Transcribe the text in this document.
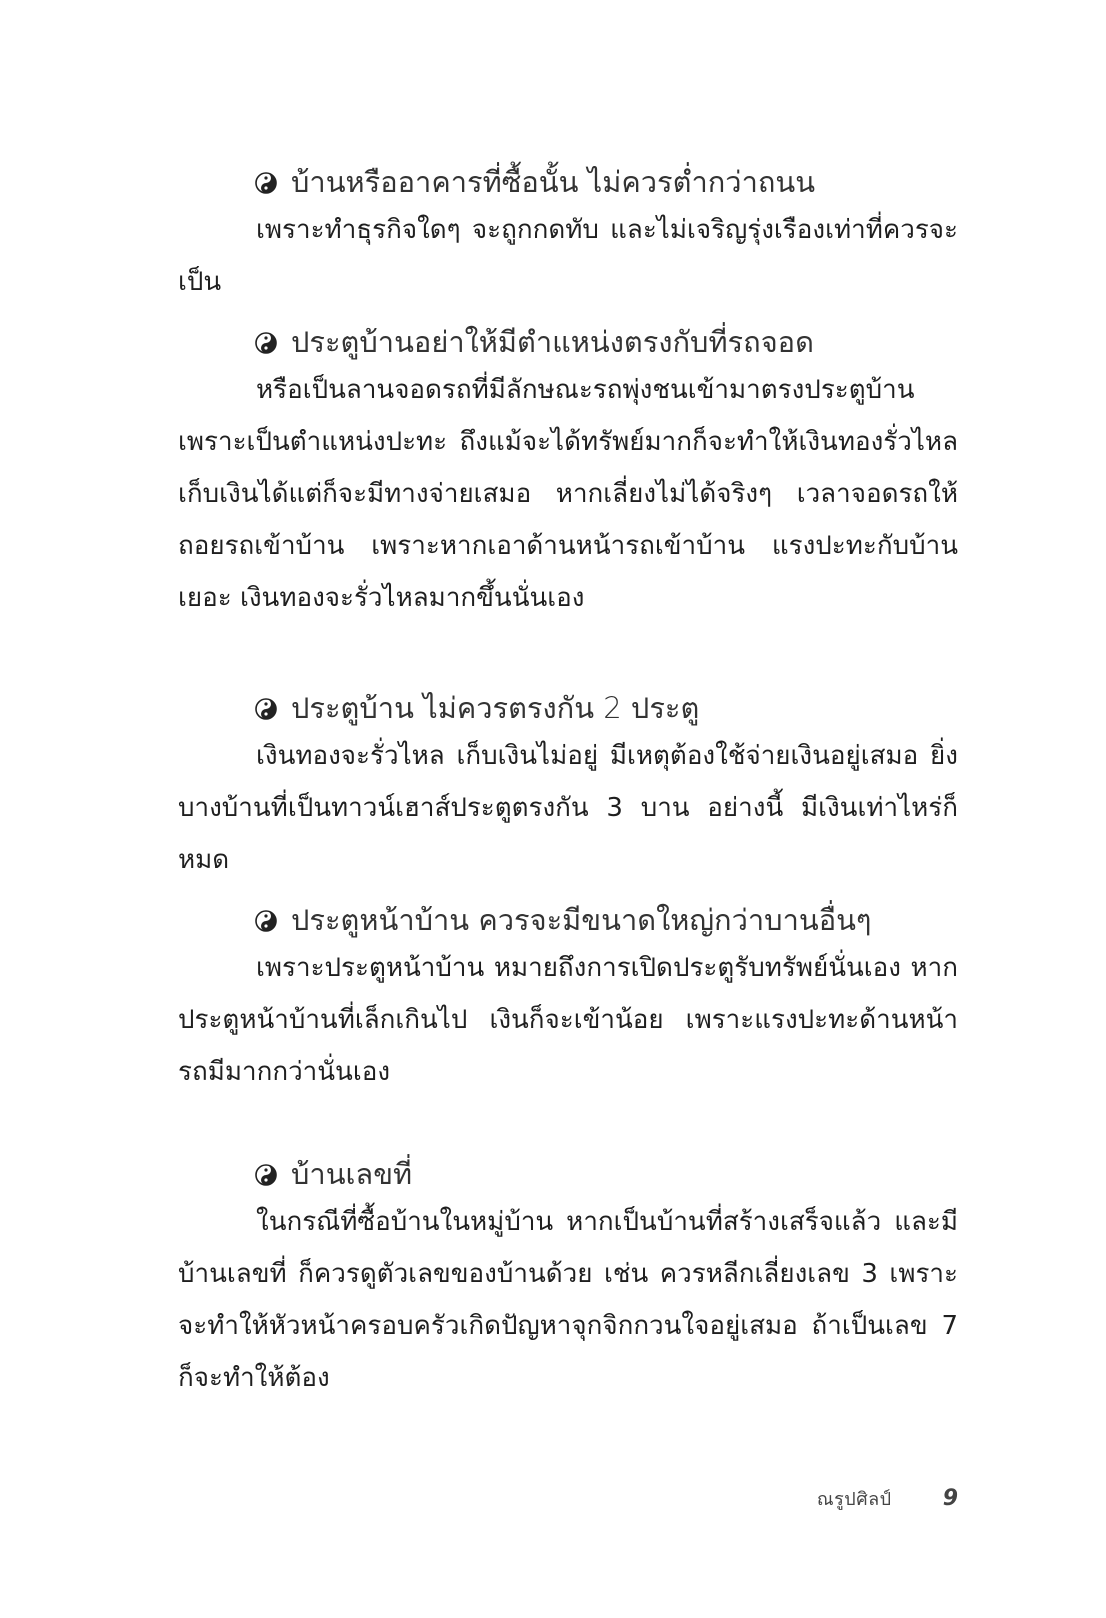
บ้านหรืออาคารที่ซื้อนั้น ไม่ควรต่ำกว่าถนน

เพราะทำธุรกิจใดๆ จะถูกกดทับ และไม่เจริญรุ่งเรืองเท่าที่ควรจะเป็น

ประตูบ้านอย่าให้มีตำแหน่งตรงกับที่รถจอด

หรือเป็นลานจอดรถที่มีลักษณะรถพุ่งชนเข้ามาตรงประตูบ้าน เพราะเป็นตำแหน่งปะทะ ถึงแม้จะได้ทรัพย์มากก็จะทำให้เงินทองรั่วไหล เก็บเงินได้แต่ก็จะมีทางจ่ายเสมอ หากเลี่ยงไม่ได้จริงๆ เวลาจอดรถให้ถอยรถเข้าบ้าน เพราะหากเอาด้านหน้ารถเข้าบ้าน แรงปะทะกับบ้านเยอะ เงินทองจะรั่วไหลมากขึ้นนั่นเอง

ประตูบ้าน ไม่ควรตรงกัน 2 ประตู

เงินทองจะรั่วไหล เก็บเงินไม่อยู่ มีเหตุต้องใช้จ่ายเงินอยู่เสมอ ยิ่งบางบ้านที่เป็นทาวน์เฮาส์ประตูตรงกัน 3 บาน อย่างนี้ มีเงินเท่าไหร่ก็หมด

ประตูหน้าบ้าน ควรจะมีขนาดใหญ่กว่าบานอื่นๆ

เพราะประตูหน้าบ้าน หมายถึงการเปิดประตูรับทรัพย์นั่นเอง หากประตูหน้าบ้านที่เล็กเกินไป เงินก็จะเข้าน้อย เพราะแรงปะทะด้านหน้ารถมีมากกว่านั่นเอง

บ้านเลขที่

ในกรณีที่ซื้อบ้านในหมู่บ้าน หากเป็นบ้านที่สร้างเสร็จแล้ว และมีบ้านเลขที่ ก็ควรดูตัวเลขของบ้านด้วย เช่น ควรหลีกเลี่ยงเลข 3 เพราะจะทำให้หัวหน้าครอบครัวเกิดปัญหาจุกจิกกวนใจอยู่เสมอ ถ้าเป็นเลข 7 ก็จะทำให้ต้อง

ณรูปศิลป์ 9
